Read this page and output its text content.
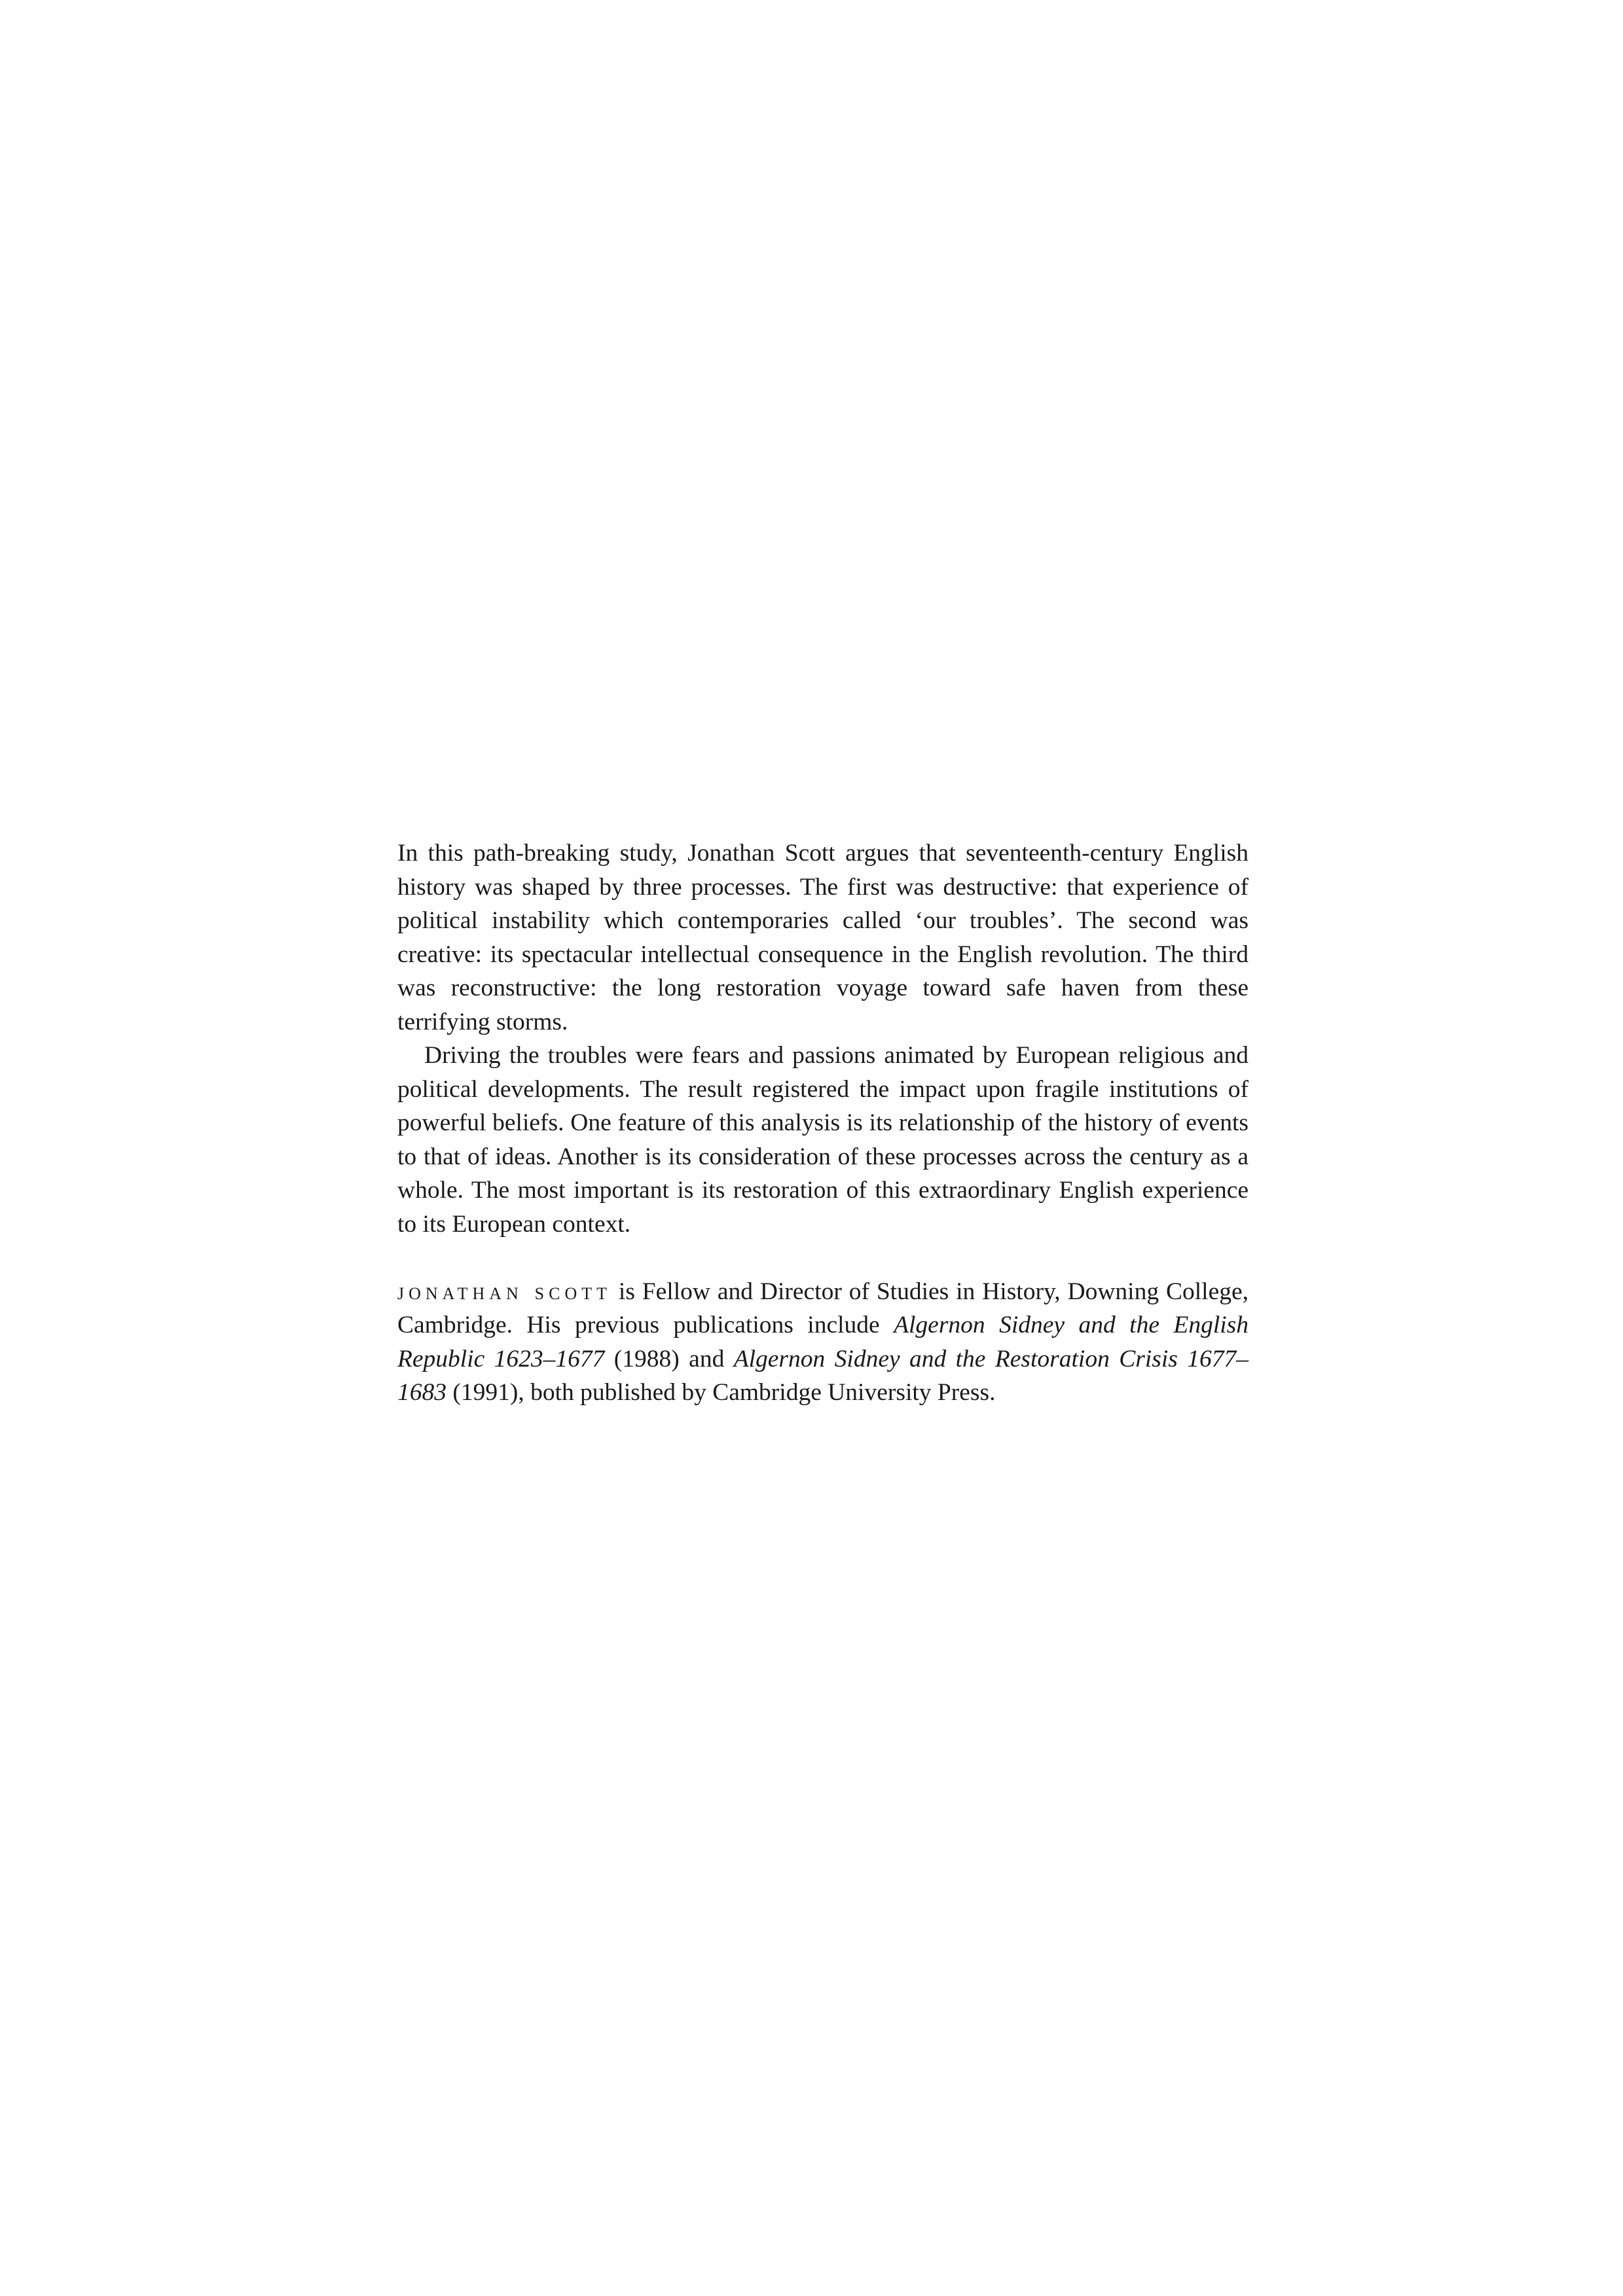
In this path-breaking study, Jonathan Scott argues that seventeenth-century English history was shaped by three processes. The first was destructive: that experience of political instability which contemporaries called ‘our troubles’. The second was creative: its spectacular intellectual consequence in the English revolution. The third was reconstructive: the long restoration voyage toward safe haven from these terrifying storms.

Driving the troubles were fears and passions animated by European religious and political developments. The result registered the impact upon fragile institutions of powerful beliefs. One feature of this analysis is its relationship of the history of events to that of ideas. Another is its consideration of these processes across the century as a whole. The most important is its restoration of this extraordinary English experience to its European context.

jonathan scott is Fellow and Director of Studies in History, Downing College, Cambridge. His previous publications include Algernon Sidney and the English Republic 1623–1677 (1988) and Algernon Sidney and the Restoration Crisis 1677–1683 (1991), both published by Cambridge University Press.
